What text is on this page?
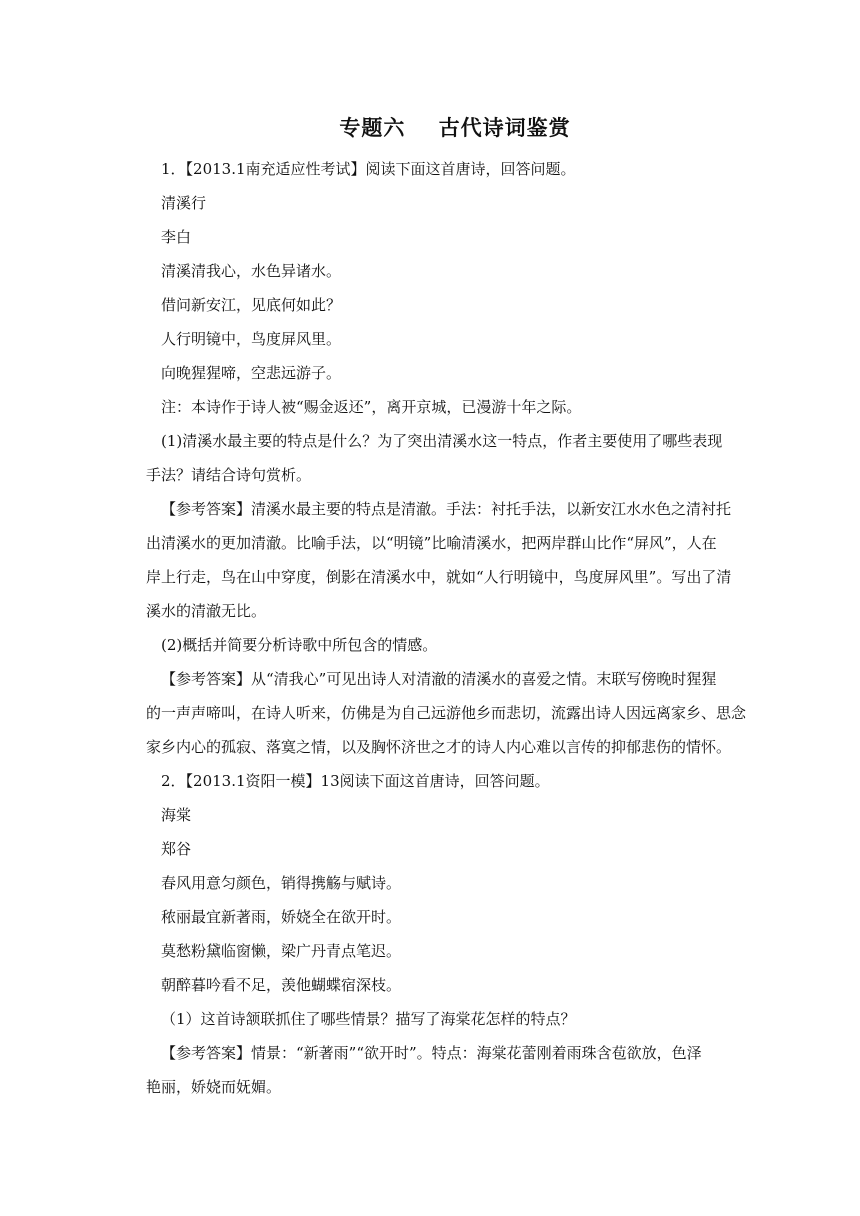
专题六    古代诗词鉴赏
1．【2013.1南充适应性考试】阅读下面这首唐诗，回答问题。
清溪行
李白
清溪清我心，水色异诸水。
借问新安江，见底何如此？
人行明镜中，鸟度屏风里。
向晚猩猩啼，空悲远游子。
注：本诗作于诗人被“赐金返还”，离开京城，已漫游十年之际。
(1)清溪水最主要的特点是什么？为了突出清溪水这一特点，作者主要使用了哪些表现
手法？请结合诗句赏析。
【参考答案】清溪水最主要的特点是清澈。手法：衬托手法，以新安江水水色之清衬托
出清溪水的更加清澈。比喻手法，以“明镜”比喻清溪水，把两岸群山比作“屏风”，人在
岸上行走，鸟在山中穿度，倒影在清溪水中，就如“人行明镜中，鸟度屏风里”。写出了清
溪水的清澈无比。
(2)概括并简要分析诗歌中所包含的情感。
【参考答案】从“清我心”可见出诗人对清澈的清溪水的喜爱之情。末联写傍晚时猩猩
的一声声啼叫，在诗人听来，仿佛是为自己远游他乡而悲切，流露出诗人因远离家乡、思念
家乡内心的孤寂、落寞之情，以及胸怀济世之才的诗人内心难以言传的抑郁悲伤的情怀。
2．【2013.1资阳一模】13阅读下面这首唐诗，回答问题。
海棠
郑谷
春风用意匀颜色，销得携觞与赋诗。
秾丽最宜新著雨，娇娆全在欲开时。
莫愁粉黛临窗懒，梁广丹青点笔迟。
朝醉暮吟看不足，羡他蝴蝶宿深枝。
（1）这首诗颔联抓住了哪些情景？描写了海棠花怎样的特点？
【参考答案】情景：“新著雨”“欲开时”。特点：海棠花蕾刚着雨珠含苞欲放，色泽
艳丽，娇娆而妩媚。
